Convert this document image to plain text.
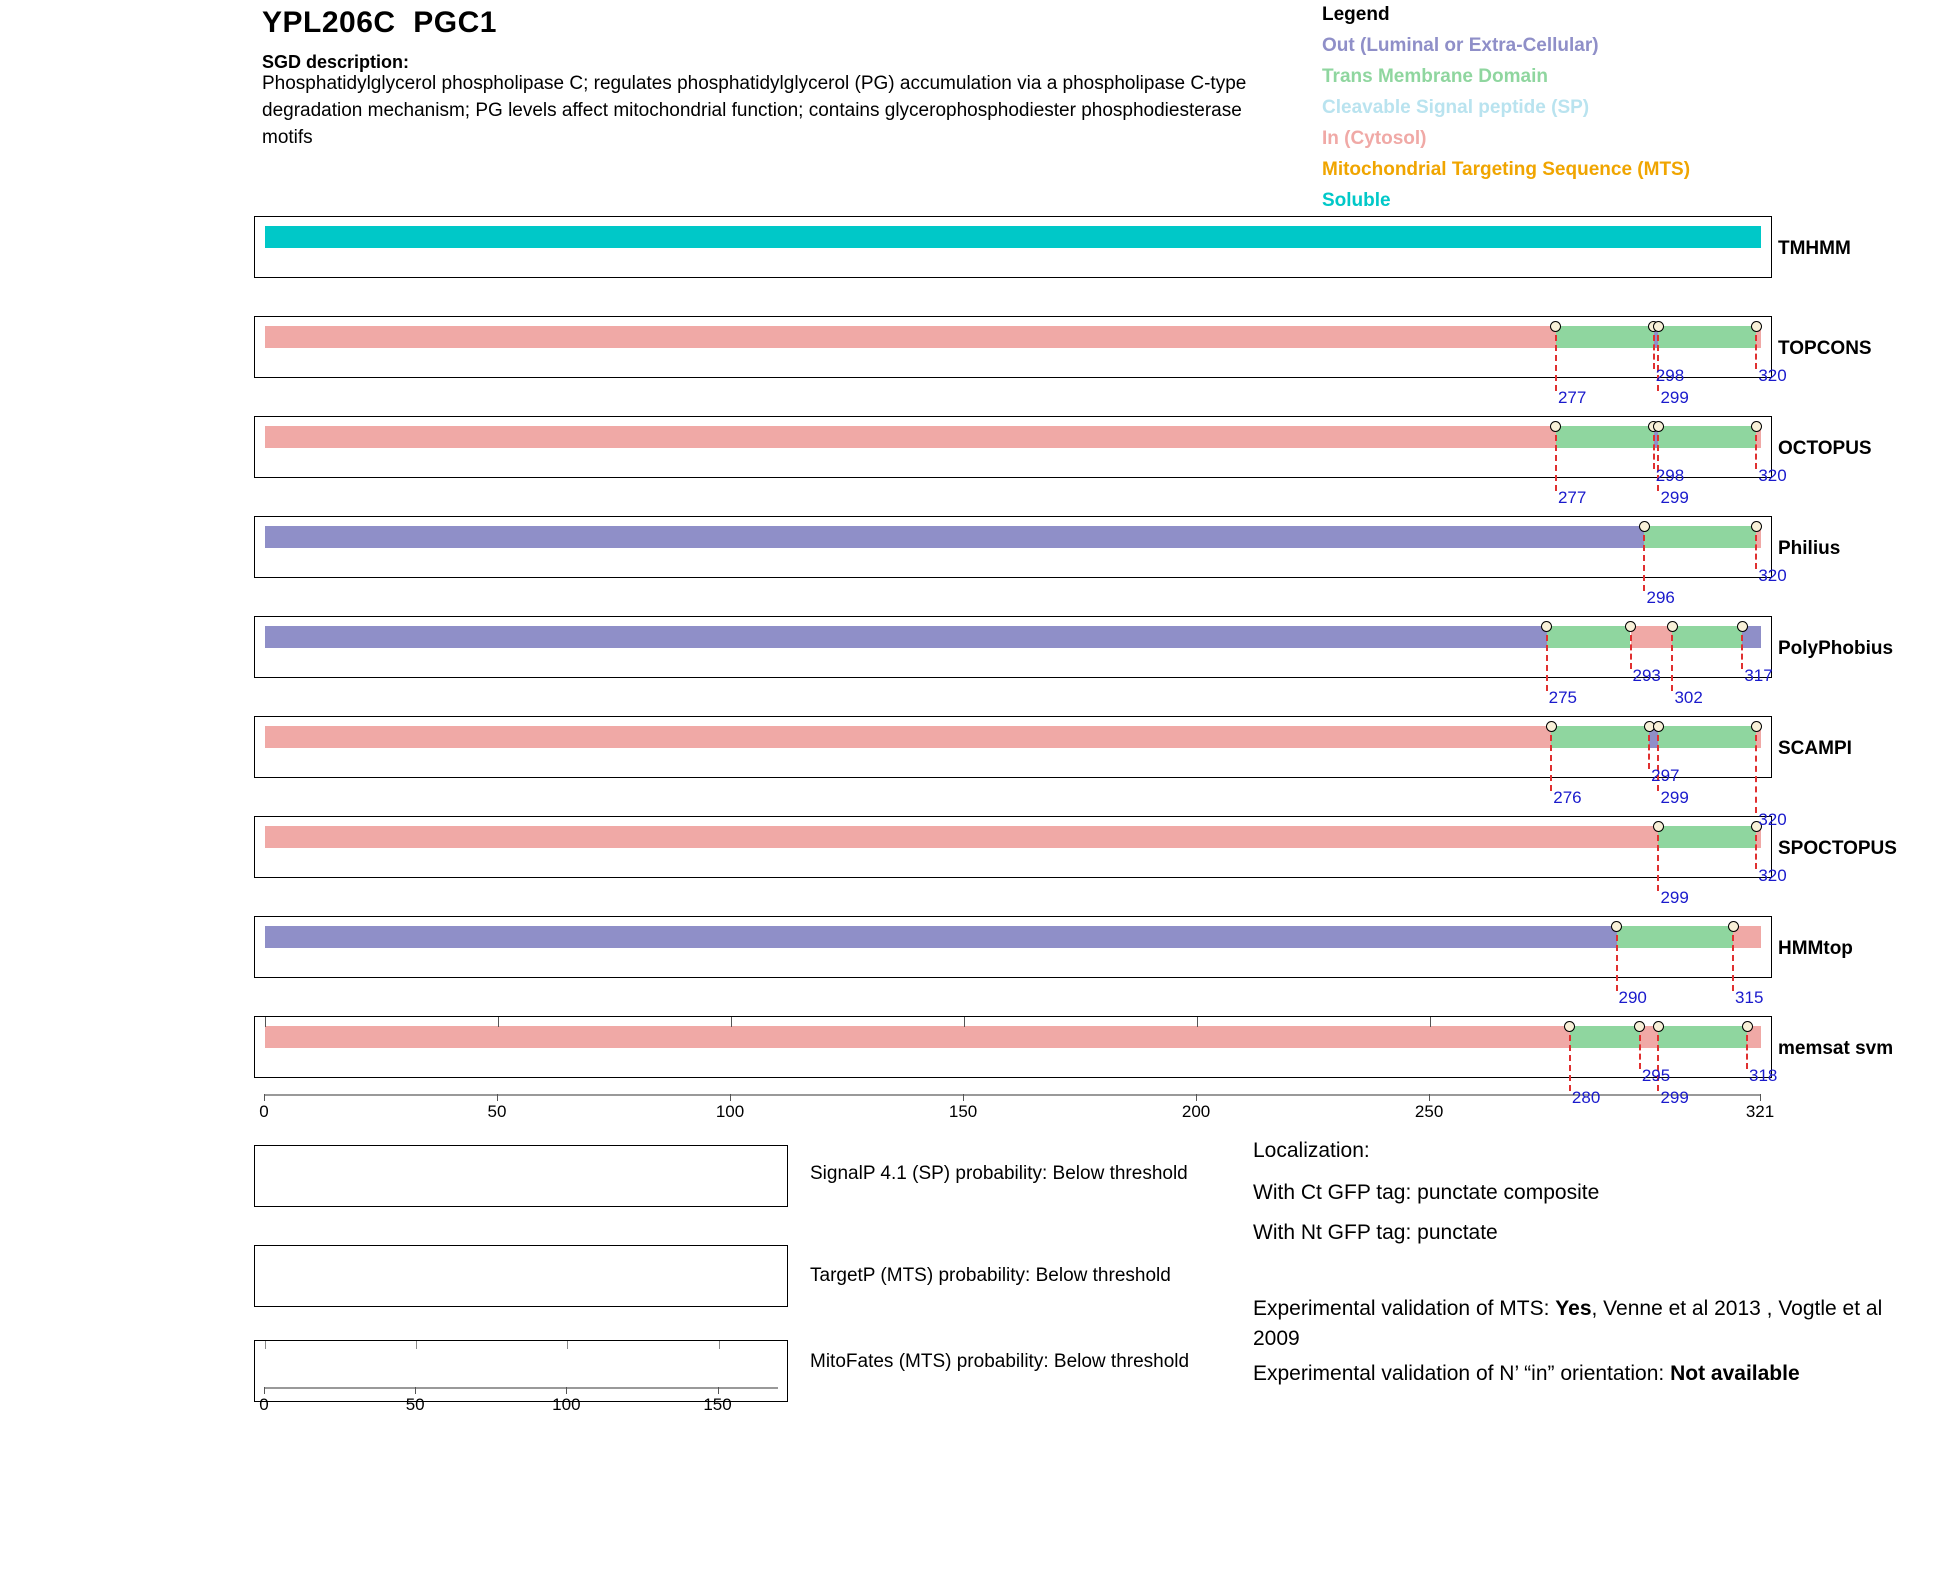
YPL206C  PGC1
SGD description:
Phosphatidylglycerol phospholipase C; regulates phosphatidylglycerol (PG) accumulation via a phospholipase C-type degradation mechanism; PG levels affect mitochondrial function; contains glycerophosphodiester phosphodiesterase motifs
Legend
Out (Luminal or Extra-Cellular)
Trans Membrane Domain
Cleavable Signal peptide (SP)
In (Cytosol)
Mitochondrial Targeting Sequence (MTS)
Soluble
0	50	100	150	200	250	321
SignalP 4.1 (SP) probability: Below threshold
TargetP (MTS) probability: Below threshold
MitoFates (MTS) probability: Below threshold
0	50	100	150
Localization:
With Ct GFP tag: punctate composite
With Nt GFP tag: punctate
Experimental validation of MTS: Yes, Venne et al 2013 , Vogtle et al 2009
Experimental validation of N’ “in” orientation: Not available
TMHMM
277
298
299
320
TOPCONS
277
298
299
320
OCTOPUS
296
320
Philius
275
293
302
317
PolyPhobius
276
297
299
320
SCAMPI
299
320
SPOCTOPUS
290	315
HMMtop
280
295
299
318
memsat svm
